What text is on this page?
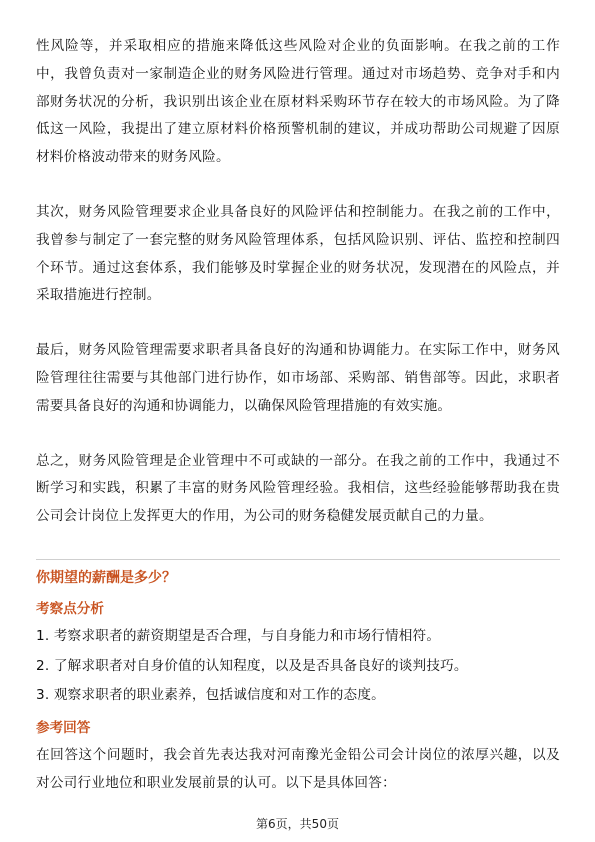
性风险等，并采取相应的措施来降低这些风险对企业的负面影响。在我之前的工作中，我曾负责对一家制造企业的财务风险进行管理。通过对市场趋势、竞争对手和内部财务状况的分析，我识别出该企业在原材料采购环节存在较大的市场风险。为了降低这一风险，我提出了建立原材料价格预警机制的建议，并成功帮助公司规避了因原材料价格波动带来的财务风险。

其次，财务风险管理要求企业具备良好的风险评估和控制能力。在我之前的工作中，我曾参与制定了一套完整的财务风险管理体系，包括风险识别、评估、监控和控制四个环节。通过这套体系，我们能够及时掌握企业的财务状况，发现潜在的风险点，并采取措施进行控制。

最后，财务风险管理需要求职者具备良好的沟通和协调能力。在实际工作中，财务风险管理往往需要与其他部门进行协作，如市场部、采购部、销售部等。因此，求职者需要具备良好的沟通和协调能力，以确保风险管理措施的有效实施。

总之，财务风险管理是企业管理中不可或缺的一部分。在我之前的工作中，我通过不断学习和实践，积累了丰富的财务风险管理经验。我相信，这些经验能够帮助我在贵公司会计岗位上发挥更大的作用，为公司的财务稳健发展贡献自己的力量。

你期望的薪酬是多少？
考察点分析
1. 考察求职者的薪资期望是否合理，与自身能力和市场行情相符。
2. 了解求职者对自身价值的认知程度，以及是否具备良好的谈判技巧。
3. 观察求职者的职业素养，包括诚信度和对工作的态度。
参考回答

在回答这个问题时，我会首先表达我对河南豫光金铅公司会计岗位的浓厚兴趣，以及对公司行业地位和职业发展前景的认可。以下是具体回答：

第6页，共50页
